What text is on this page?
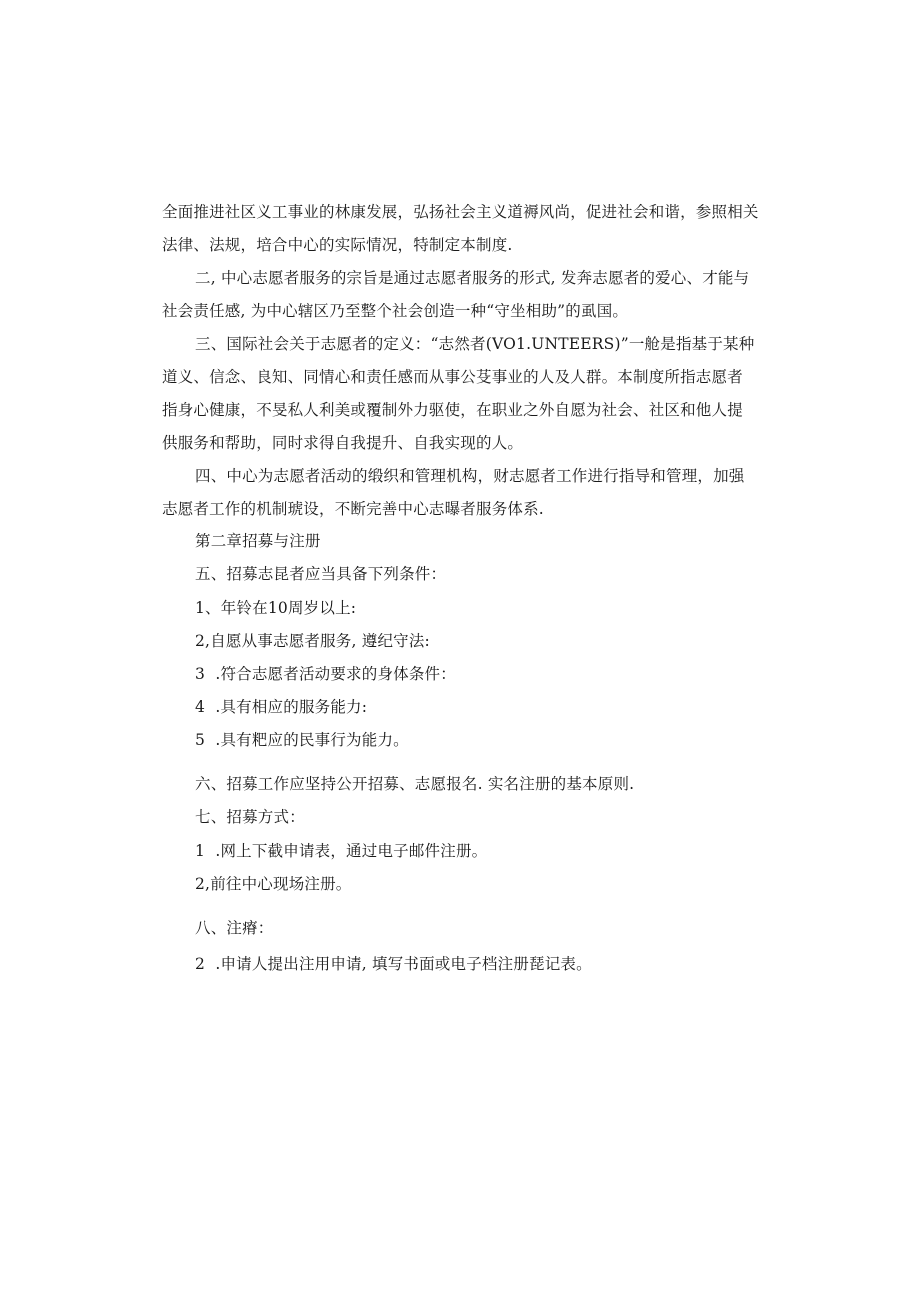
全面推进社区义工事业的林康发展，弘扬社会主义道褥风尚，促进社会和谐，参照相关
法律、法规，培合中心的实际情况，特制定本制度.
二, 中心志愿者服务的宗旨是通过志愿者服务的形式, 发奔志愿者的爱心、才能与
社会责任感, 为中心辖区乃至整个社会创造一种“守坐相助”的虱国。
三、国际社会关于志愿者的定义：“志然者(VO1.UNTEERS)”一舱是指基于某种
道义、信念、良知、同情心和责任感而从事公芟事业的人及人群。本制度所指志愿者
指身心健康，不旻私人利美或覆制外力驱使，在职业之外自愿为社会、社区和他人提
供服务和帮助，同时求得自我提升、自我实现的人。
四、中心为志愿者活动的缎织和管理机构，财志愿者工作进行指导和管理，加强
志愿者工作的机制琥设，不断完善中心志曝者服务体系.
第二章招募与注册
五、招募志昆者应当具备下列条件：
1、年铃在10周岁以上:
2,自愿从事志愿者服务, 遵纪守法:
3  .符合志愿者活动要求的身体条件：
4  .具有相应的服务能力:
5  .具有粑应的民事行为能力。
六、招募工作应坚持公开招募、志愿报名. 实名注册的基本原则.
七、招募方式：
1  .网上下截申请表，通过电子邮件注册。
2,前往中心现场注册。
八、注瘠：
2  .申请人提出注用申请, 填写书面或电子档注册琵记表。
